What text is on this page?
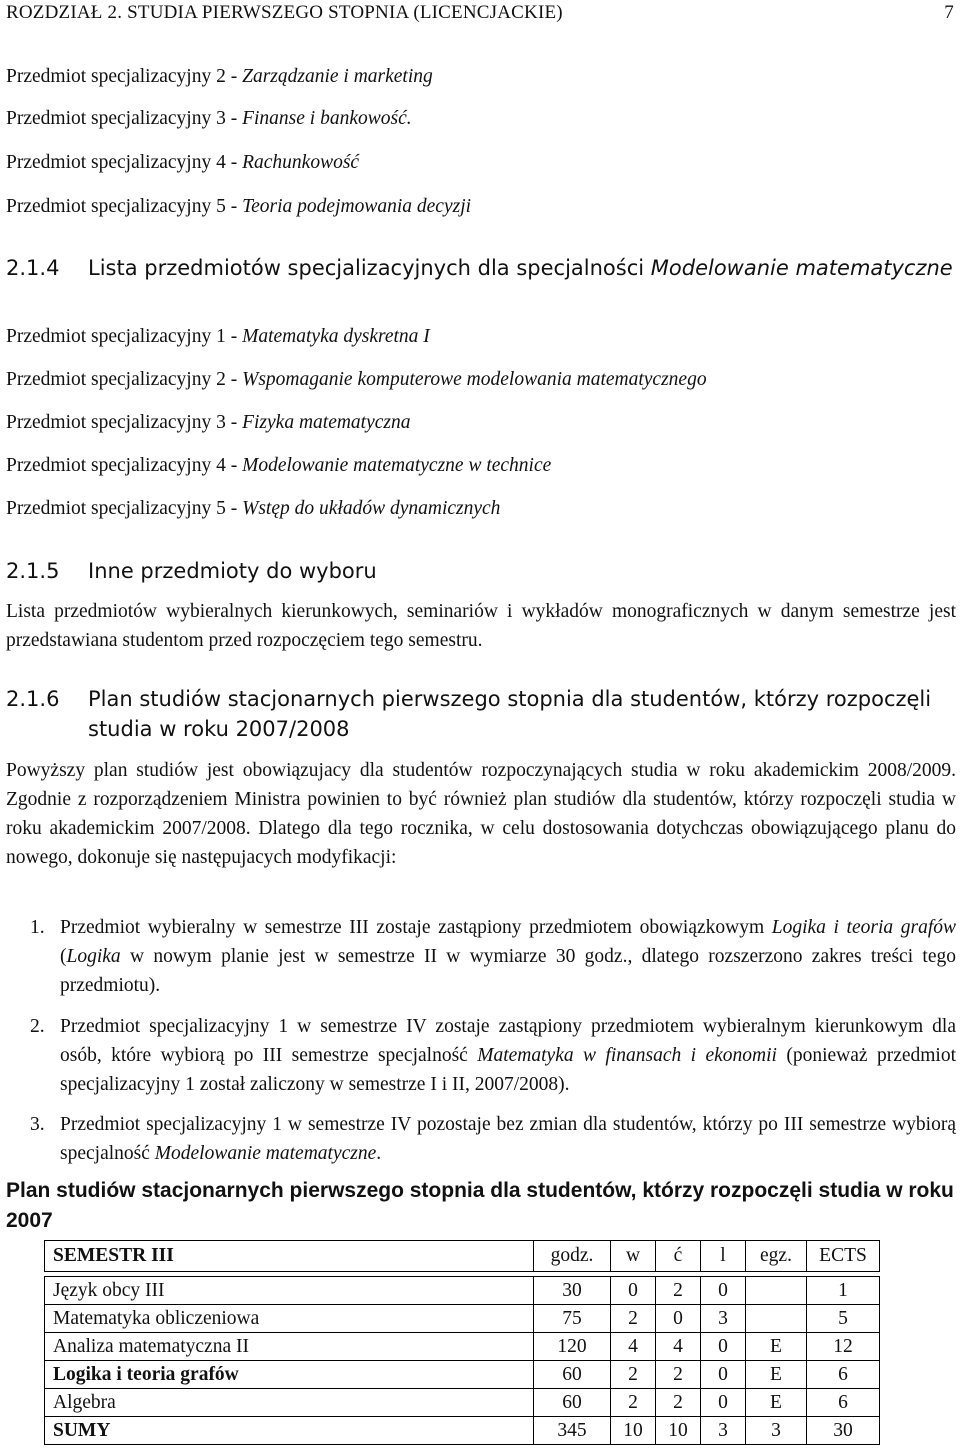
ROZDZIAŁ 2. STUDIA PIERWSZEGO STOPNIA (LICENCJACKIE)	7
Przedmiot specjalizacyjny 2 - Zarządzanie i marketing
Przedmiot specjalizacyjny 3 - Finanse i bankowość.
Przedmiot specjalizacyjny 4 - Rachunkowość
Przedmiot specjalizacyjny 5 - Teoria podejmowania decyzji
2.1.4 Lista przedmiotów specjalizacyjnych dla specjalności Modelowanie matematyczne
Przedmiot specjalizacyjny 1 - Matematyka dyskretna I
Przedmiot specjalizacyjny 2 - Wspomaganie komputerowe modelowania matematycznego
Przedmiot specjalizacyjny 3 - Fizyka matematyczna
Przedmiot specjalizacyjny 4 - Modelowanie matematyczne w technice
Przedmiot specjalizacyjny 5 - Wstęp do układów dynamicznych
2.1.5 Inne przedmioty do wyboru
Lista przedmiotów wybieralnych kierunkowych, seminariów i wykładów monograficznych w danym semestrze jest przedstawiana studentom przed rozpoczęciem tego semestru.
2.1.6 Plan studiów stacjonarnych pierwszego stopnia dla studentów, którzy rozpoczęli studia w roku 2007/2008
Powyższy plan studiów jest obowiązujacy dla studentów rozpoczynających studia w roku akademickim 2008/2009. Zgodnie z rozporządzeniem Ministra powinien to być również plan studiów dla studentów, którzy rozpoczęli studia w roku akademickim 2007/2008. Dlatego dla tego rocznika, w celu dostosowania dotychczas obowiązującego planu do nowego, dokonuje się następujacych modyfikacji:
1. Przedmiot wybieralny w semestrze III zostaje zastąpiony przedmiotem obowiązkowym Logika i teoria grafów (Logika w nowym planie jest w semestrze II w wymiarze 30 godz., dlatego rozszerzono zakres treści tego przedmiotu).
2. Przedmiot specjalizacyjny 1 w semestrze IV zostaje zastąpiony przedmiotem wybieralnym kierunkowym dla osób, które wybiorą po III semestrze specjalność Matematyka w finansach i ekonomii (ponieważ przedmiot specjalizacyjny 1 został zaliczony w semestrze I i II, 2007/2008).
3. Przedmiot specjalizacyjny 1 w semestrze IV pozostaje bez zmian dla studentów, którzy po III semestrze wybiorą specjalność Modelowanie matematyczne.
Plan studiów stacjonarnych pierwszego stopnia dla studentów, którzy rozpoczęli studia w roku 2007
SEMESTR III	godz.	w	ć	l	egz.	ECTS

Język obcy III	30	0	2	0		1
Matematyka obliczeniowa	75	2	0	3		5
Analiza matematyczna II	120	4	4	0	E	12
Logika i teoria grafów	60	2	2	0	E	6
Algebra	60	2	2	0	E	6
SUMY	345	10	10	3	3	30
